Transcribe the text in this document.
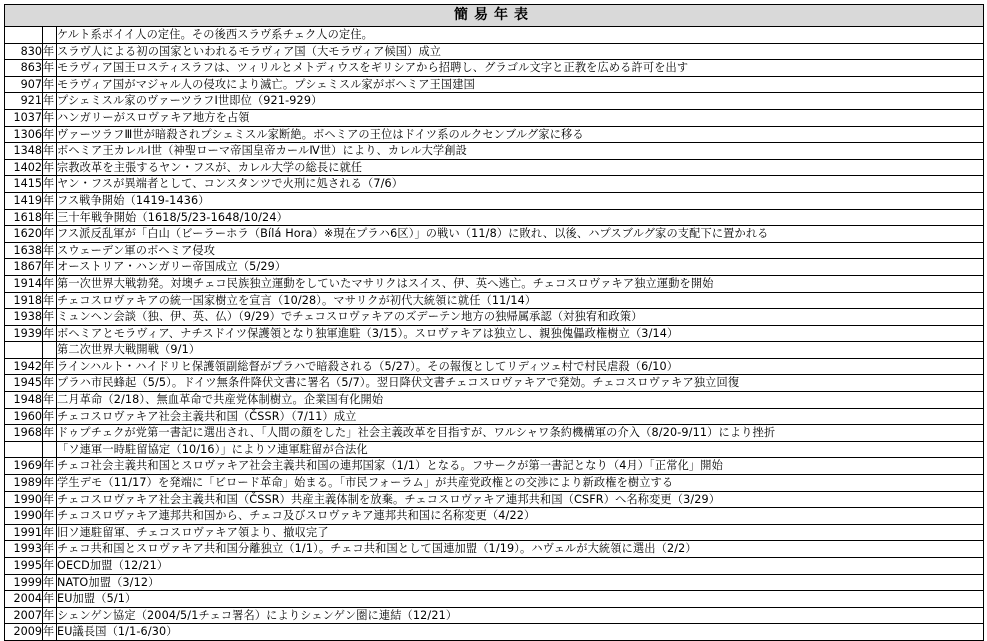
簡易年表		
		ケルト系ボイイ人の定住。その後西スラヴ系チェク人の定住。
830	年	スラヴ人による初の国家といわれるモラヴィア国（大モラヴィア候国）成立
863	年	モラヴィア国王ロスティスラフは、ツィリルとメトディウスをギリシアから招聘し、グラゴル文字と正教を広める許可を出す
907	年	モラヴィア国がマジャル人の侵攻により滅亡。プシェミスル家がボヘミア王国建国
921	年	プシェミスル家のヴァーツラフⅠ世即位（921-929）
1037	年	ハンガリーがスロヴァキア地方を占領
1306	年	ヴァーツラフⅢ世が暗殺されプシェミスル家断絶。ボヘミアの王位はドイツ系のルクセンブルグ家に移る
1348	年	ボヘミア王カレルⅠ世（神聖ローマ帝国皇帝カールⅣ世）により、カレル大学創設
1402	年	宗教改革を主張するヤン・フスが、カレル大学の総長に就任
1415	年	ヤン・フスが異端者として、コンスタンツで火刑に処される（7/6）
1419	年	フス戦争開始（1419-1436）
1618	年	三十年戦争開始（1618/5/23-1648/10/24）
1620	年	フス派反乱軍が「白山（ビーラーホラ（Bílá Hora）※現在プラハ6区）」の戦い（11/8）に敗れ、以後、ハプスブルグ家の支配下に置かれる
1638	年	スウェーデン軍のボヘミア侵攻
1867	年	オーストリア・ハンガリー帝国成立（5/29）
1914	年	第一次世界大戦勃発。対墺チェコ民族独立運動をしていたマサリクはスイス、伊、英へ逃亡。チェコスロヴァキア独立運動を開始
1918	年	チェコスロヴァキアの統一国家樹立を宣言（10/28）。マサリクが初代大統領に就任（11/14）
1938	年	ミュンヘン会談（独、伊、英、仏）（9/29）でチェコスロヴァキアのズデーテン地方の独帰属承認（対独宥和政策）
1939	年	ボヘミアとモラヴィア、ナチスドイツ保護領となり独軍進駐（3/15）。スロヴァキアは独立し、親独傀儡政権樹立（3/14）
		第二次世界大戦開戦（9/1）
1942	年	ラインハルト・ハイドリヒ保護領副総督がプラハで暗殺される（5/27）。その報復としてリディツェ村で村民虐殺（6/10）
1945	年	プラハ市民蜂起（5/5）。ドイツ無条件降伏文書に署名（5/7）。翌日降伏文書チェコスロヴァキアで発効。チェコスロヴァキア独立回復
1948	年	二月革命（2/18）、無血革命で共産党体制樹立。企業国有化開始
1960	年	チェコスロヴァキア社会主義共和国（ČSSR）（7/11）成立
1968	年	ドゥプチェクが党第一書記に選出され、「人間の顔をした」社会主義改革を目指すが、ワルシャワ条約機構軍の介入（8/20-9/11）により挫折
		「ソ連軍一時駐留協定（10/16）」によりソ連軍駐留が合法化
1969	年	チェコ社会主義共和国とスロヴァキア社会主義共和国の連邦国家（1/1）となる。フサークが第一書記となり（4月）「正常化」開始
1989	年	学生デモ（11/17）を発端に「ビロード革命」始まる。「市民フォーラム」が共産党政権との交渉により新政権を樹立する
1990	年	チェコスロヴァキア社会主義共和国（ČSSR）共産主義体制を放棄。チェコスロヴァキア連邦共和国（CSFR）へ名称変更（3/29）
1990	年	チェコスロヴァキア連邦共和国から、チェコ及びスロヴァキア連邦共和国に名称変更（4/22）
1991	年	旧ソ連駐留軍、チェコスロヴァキア領より、撤収完了
1993	年	チェコ共和国とスロヴァキア共和国分離独立（1/1）。チェコ共和国として国連加盟（1/19）。ハヴェルが大統領に選出（2/2）
1995	年	OECD加盟（12/21）
1999	年	NATO加盟（3/12）
2004	年	EU加盟（5/1）
2007	年	シェンゲン協定（2004/5/1チェコ署名）によりシェンゲン圏に連結（12/21）
2009	年	EU議長国（1/1-6/30）
